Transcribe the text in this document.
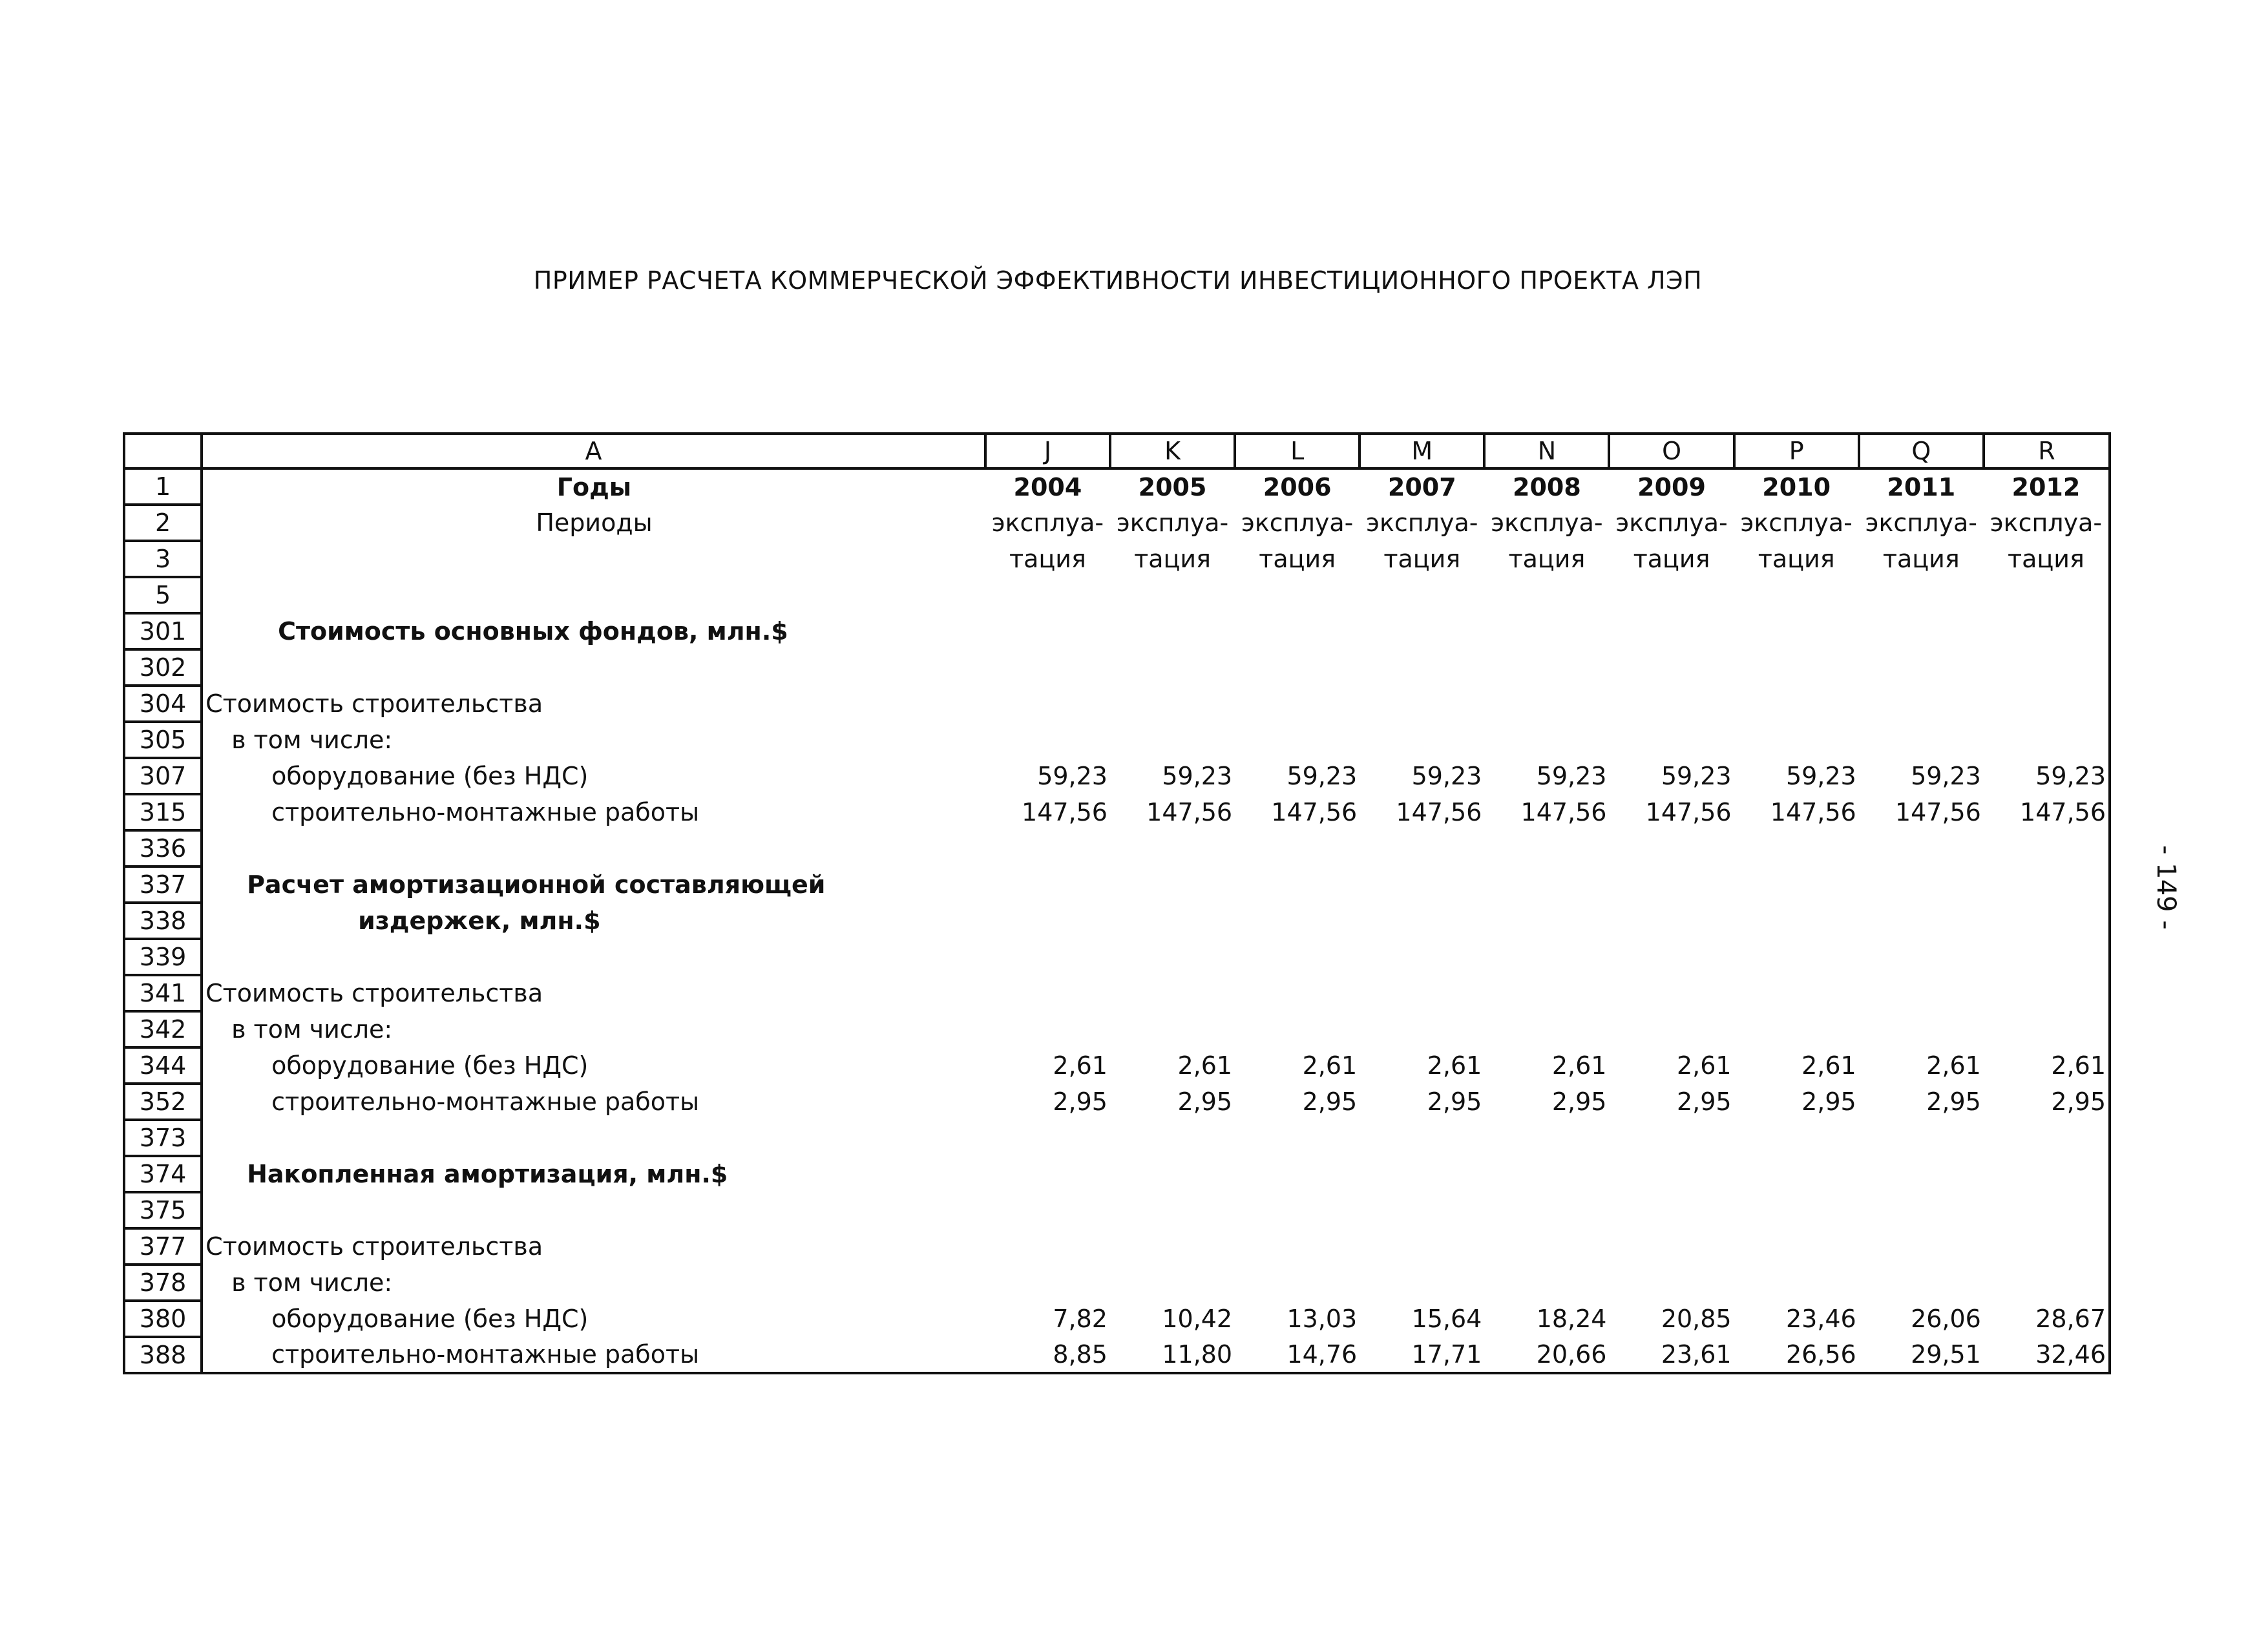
ПРИМЕР РАСЧЕТА КОММЕРЧЕСКОЙ ЭФФЕКТИВНОСТИ ИНВЕСТИЦИОННОГО ПРОЕКТА ЛЭП
	A	J	K	L	M	N	O	P	Q	R
1	Годы	2004	2005	2006	2007	2008	2009	2010	2011	2012
2	Периоды	эксплуа-	эксплуа-	эксплуа-	эксплуа-	эксплуа-	эксплуа-	эксплуа-	эксплуа-	эксплуа-
3		тация	тация	тация	тация	тация	тация	тация	тация	тация
5										
301	Стоимость основных фондов, млн.$									
302										
304	Стоимость строительства									
305	в том числе:									
307	оборудование (без НДС)	59,23	59,23	59,23	59,23	59,23	59,23	59,23	59,23	59,23
315	строительно-монтажные работы	147,56	147,56	147,56	147,56	147,56	147,56	147,56	147,56	147,56
336										
337	Расчет амортизационной составляющей									
338	издержек, млн.$									
339										
341	Стоимость строительства									
342	в том числе:									
344	оборудование (без НДС)	2,61	2,61	2,61	2,61	2,61	2,61	2,61	2,61	2,61
352	строительно-монтажные работы	2,95	2,95	2,95	2,95	2,95	2,95	2,95	2,95	2,95
373										
374	Накопленная амортизация, млн.$									
375										
377	Стоимость строительства									
378	в том числе:									
380	оборудование (без НДС)	7,82	10,42	13,03	15,64	18,24	20,85	23,46	26,06	28,67
388	строительно-монтажные работы	8,85	11,80	14,76	17,71	20,66	23,61	26,56	29,51	32,46
- 149 -
